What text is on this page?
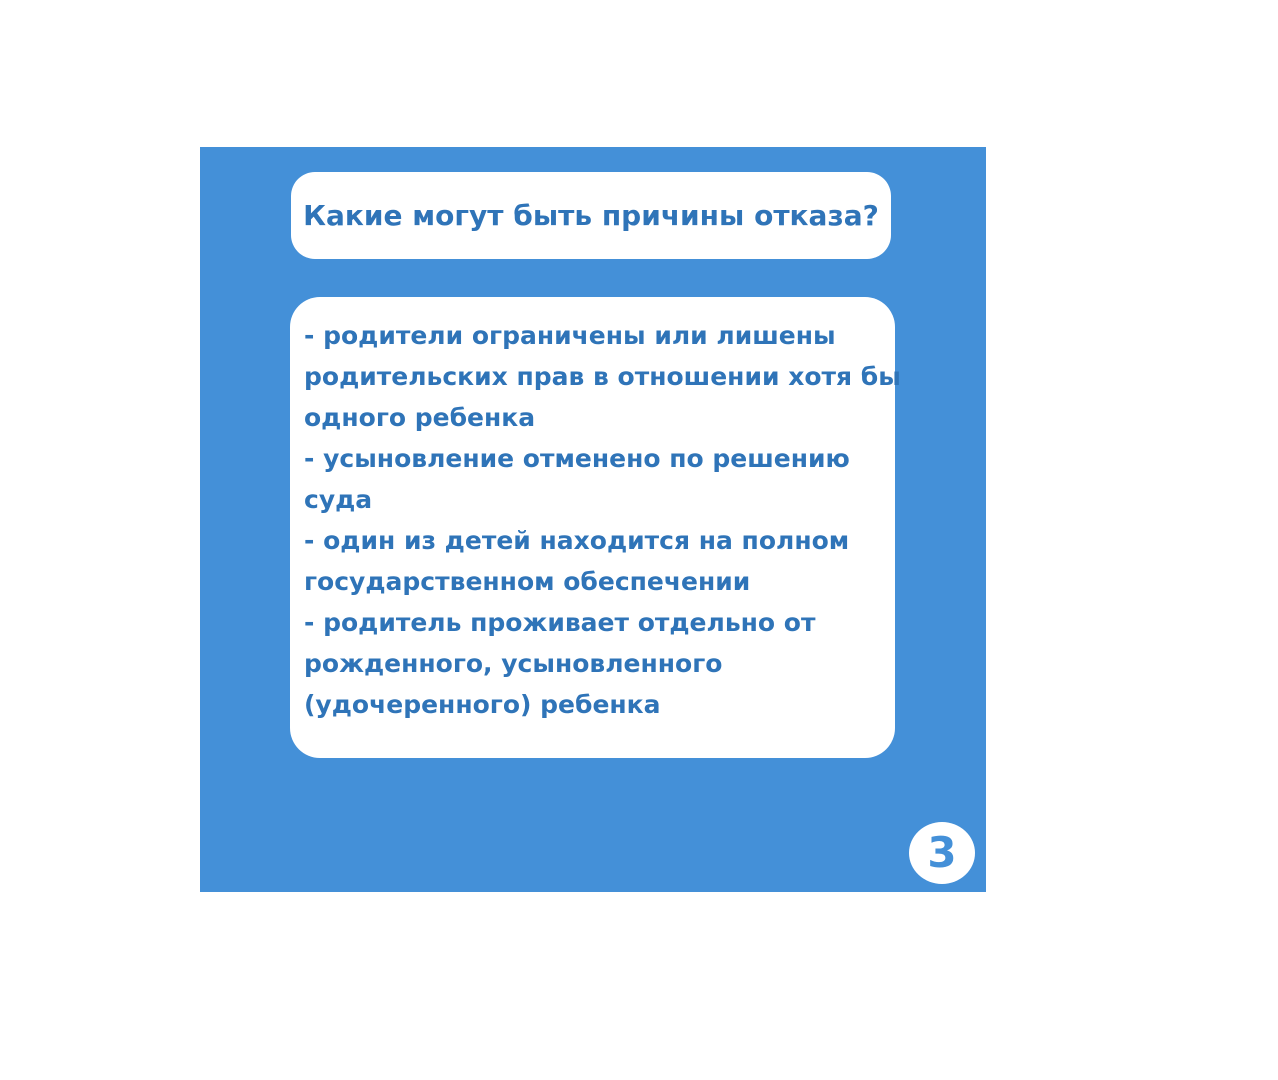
Какие могут быть причины отказа?

- родители ограничены или лишены

родительских прав в отношении хотя бы

одного ребенка

- усыновление отменено по решению

суда

- один из детей находится на полном

государственном обеспечении

- родитель проживает отдельно от

рожденного, усыновленного

(удочеренного) ребенка

3
